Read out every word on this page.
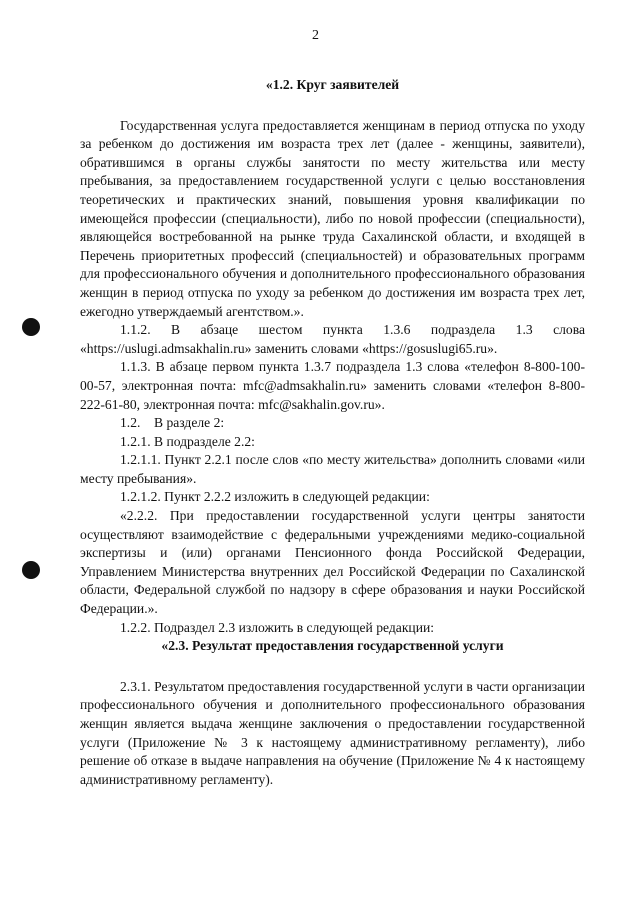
2

«1.2. Круг заявителей

Государственная услуга предоставляется женщинам в период отпуска по уходу за ребенком до достижения им возраста трех лет (далее - женщины, заявители), обратившимся в органы службы занятости по месту жительства или месту пребывания, за предоставлением государственной услуги с целью восстановления теоретических и практических знаний, повышения уровня квалификации по имеющейся профессии (специальности), либо по новой профессии (специальности), являющейся востребованной на рынке труда Сахалинской области, и входящей в Перечень приоритетных профессий (специальностей) и образовательных программ для профессионального обучения и дополнительного профессионального образования женщин в период отпуска по уходу за ребенком до достижения им возраста трех лет, ежегодно утверждаемый агентством.».

1.1.2. В абзаце шестом пункта 1.3.6 подраздела 1.3 слова «https://uslugi.admsakhalin.ru» заменить словами «https://gosuslugi65.ru».

1.1.3. В абзаце первом пункта 1.3.7 подраздела 1.3 слова «телефон 8-800-100-00-57, электронная почта: mfc@admsakhalin.ru» заменить словами «телефон 8-800-222-61-80, электронная почта: mfc@sakhalin.gov.ru».

1.2.    В разделе 2:

1.2.1. В подразделе 2.2:

1.2.1.1. Пункт 2.2.1 после слов «по месту жительства» дополнить словами «или месту пребывания».

1.2.1.2. Пункт 2.2.2 изложить в следующей редакции:

«2.2.2. При предоставлении государственной услуги центры занятости осуществляют взаимодействие с федеральными учреждениями медико-социальной экспертизы и (или) органами Пенсионного фонда Российской Федерации, Управлением Министерства внутренних дел Российской Федерации по Сахалинской области, Федеральной службой по надзору в сфере образования и науки Российской Федерации.».

1.2.2. Подраздел 2.3 изложить в следующей редакции:

«2.3. Результат предоставления государственной услуги

2.3.1. Результатом предоставления государственной услуги в части организации профессионального обучения и дополнительного профессионального образования женщин является выдача женщине заключения о предоставлении государственной услуги (Приложение № 3 к настоящему административному регламенту), либо решение об отказе в выдаче направления на обучение (Приложение № 4 к настоящему административному регламенту).
